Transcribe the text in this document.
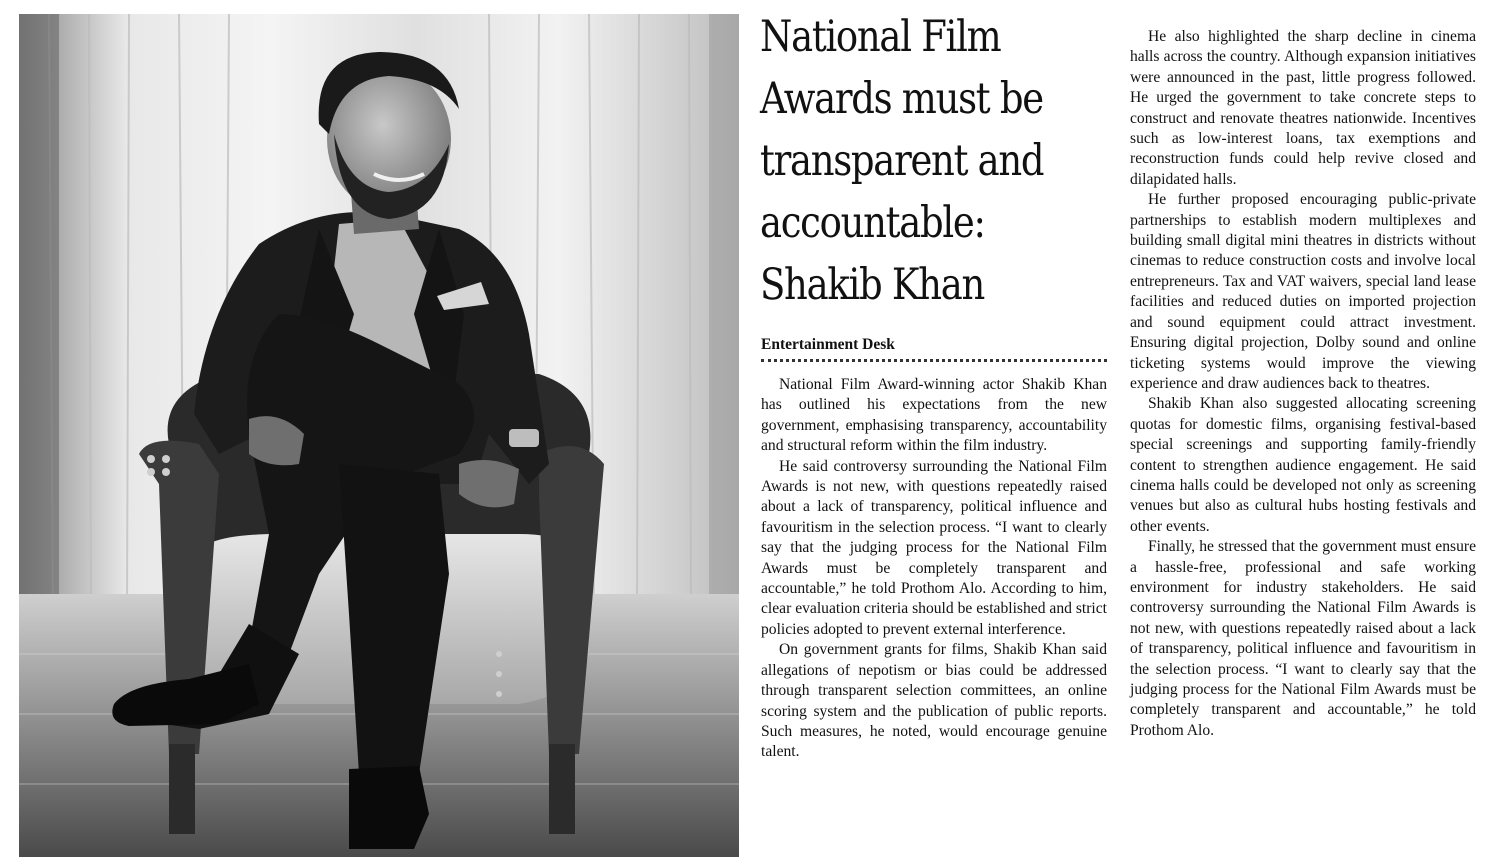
National Film Awards must be transparent and accountable: Shakib Khan
Entertainment Desk

National Film Award-winning actor Shakib Khan has outlined his expectations from the new government, emphasising transparency, accountability and structural reform within the film industry.

He said controversy surrounding the National Film Awards is not new, with questions repeatedly raised about a lack of transparency, political influence and favouritism in the selection process. “I want to clearly say that the judging process for the National Film Awards must be completely transparent and accountable,” he told Prothom Alo. According to him, clear evaluation criteria should be established and strict policies adopted to prevent external interference.

On government grants for films, Shakib Khan said allegations of nepotism or bias could be addressed through transparent selection committees, an online scoring system and the publication of public reports. Such measures, he noted, would encourage genuine talent.

He also highlighted the sharp decline in cinema halls across the country. Although expansion initiatives were announced in the past, little progress followed. He urged the government to take concrete steps to construct and renovate theatres nationwide. Incentives such as low-interest loans, tax exemptions and reconstruction funds could help revive closed and dilapidated halls.

He further proposed encouraging public-private partnerships to establish modern multiplexes and building small digital mini theatres in districts without cinemas to reduce construction costs and involve local entrepreneurs. Tax and VAT waivers, special land lease facilities and reduced duties on imported projection and sound equipment could attract investment. Ensuring digital projection, Dolby sound and online ticketing systems would improve the viewing experience and draw audiences back to theatres.

Shakib Khan also suggested allocating screening quotas for domestic films, organising festival-based special screenings and supporting family-friendly content to strengthen audience engagement. He said cinema halls could be developed not only as screening venues but also as cultural hubs hosting festivals and other events.

Finally, he stressed that the government must ensure a hassle-free, professional and safe working environment for industry stakeholders. He said controversy surrounding the National Film Awards is not new, with questions repeatedly raised about a lack of transparency, political influence and favouritism in the selection process. “I want to clearly say that the judging process for the National Film Awards must be completely transparent and accountable,” he told Prothom Alo.
